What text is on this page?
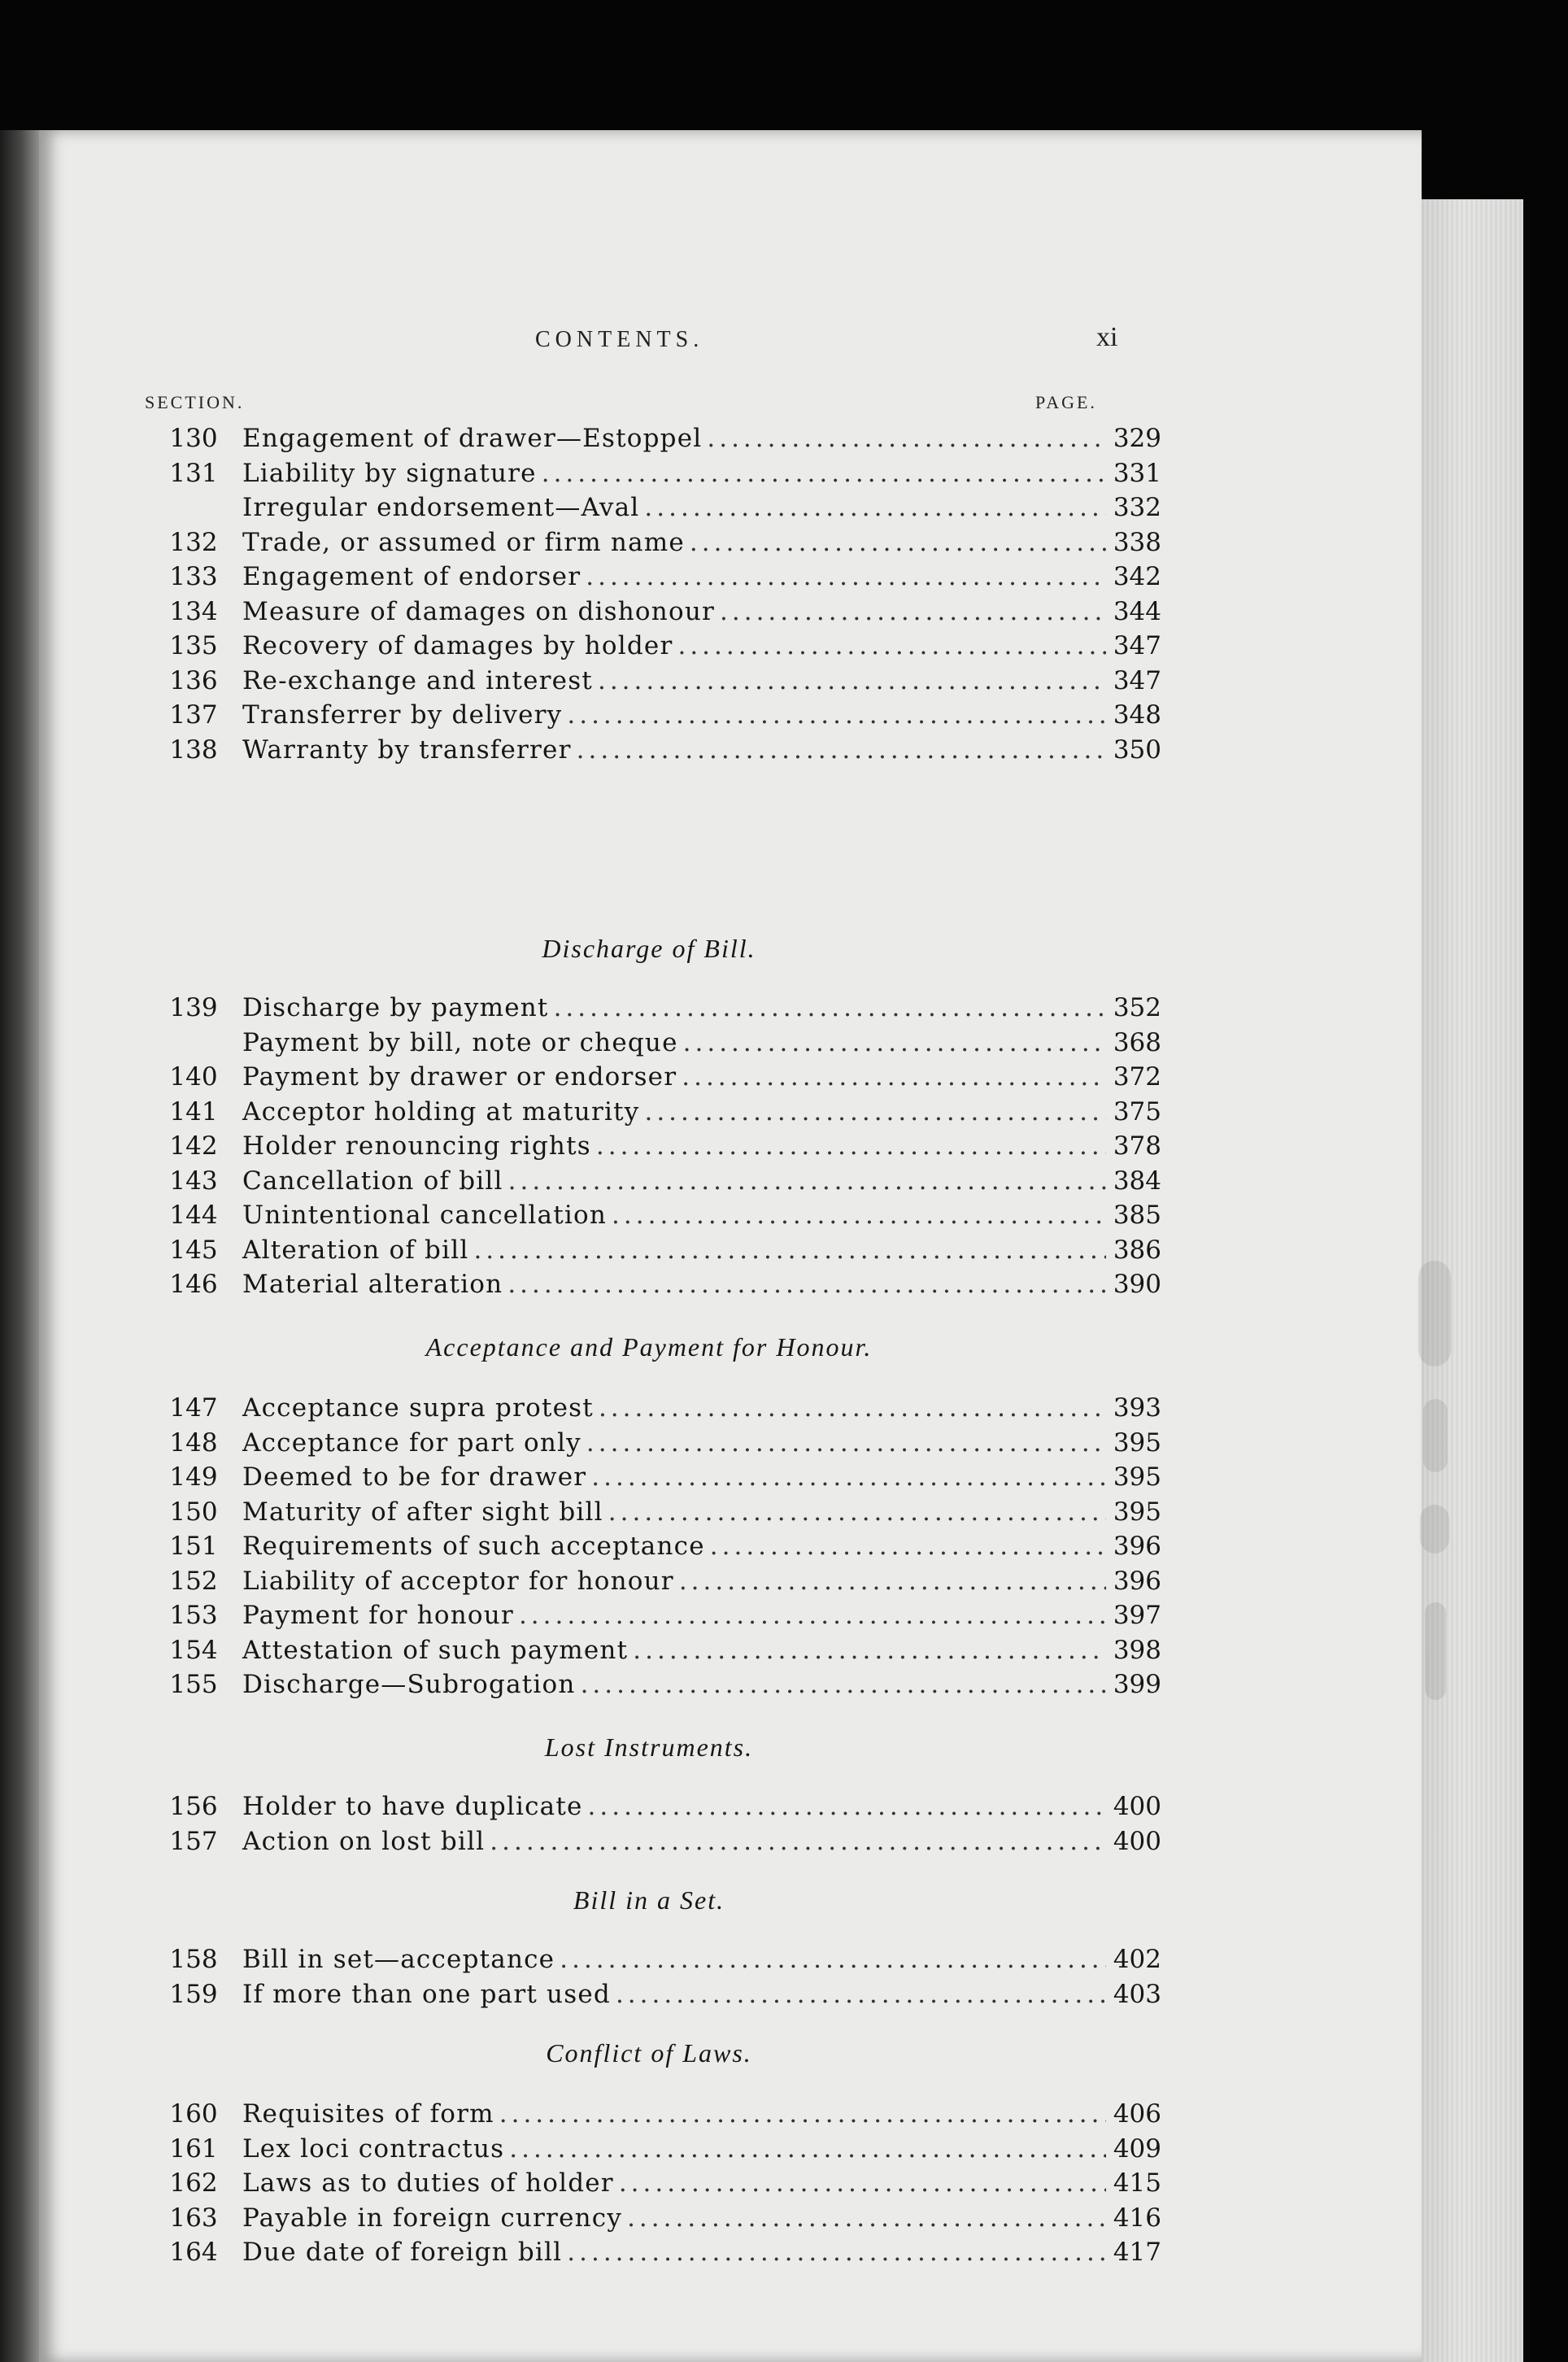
CONTENTS.	xi
SECTION.	PAGE.
130 Engagement of drawer—Estoppel .....	329
131 Liability by signature .....	331
Irregular endorsement—Aval .....	332
132 Trade, or assumed or firm name .....	338
133 Engagement of endorser .....	342
134 Measure of damages on dishonour .....	344
135 Recovery of damages by holder .....	347
136 Re-exchange and interest .....	347
137 Transferrer by delivery .....	348
138 Warranty by transferrer .....	350
Discharge of Bill.
139 Discharge by payment .....	352
Payment by bill, note or cheque .....	368
140 Payment by drawer or endorser .....	372
141 Acceptor holding at maturity .....	375
142 Holder renouncing rights .....	378
143 Cancellation of bill .....	384
144 Unintentional cancellation .....	385
145 Alteration of bill .....	386
146 Material alteration .....	390
Acceptance and Payment for Honour.
147 Acceptance supra protest .....	393
148 Acceptance for part only .....	395
149 Deemed to be for drawer .....	395
150 Maturity of after sight bill .....	395
151 Requirements of such acceptance .....	396
152 Liability of acceptor for honour .....	396
153 Payment for honour .....	397
154 Attestation of such payment .....	398
155 Discharge—Subrogation .....	399
Lost Instruments.
156 Holder to have duplicate .....	400
157 Action on lost bill .....	400
Bill in a Set.
158 Bill in set—acceptance .....	402
159 If more than one part used .....	403
Conflict of Laws.
160 Requisites of form .....	406
161 Lex loci contractus .....	409
162 Laws as to duties of holder .....	415
163 Payable in foreign currency .....	416
164 Due date of foreign bill .....	417
